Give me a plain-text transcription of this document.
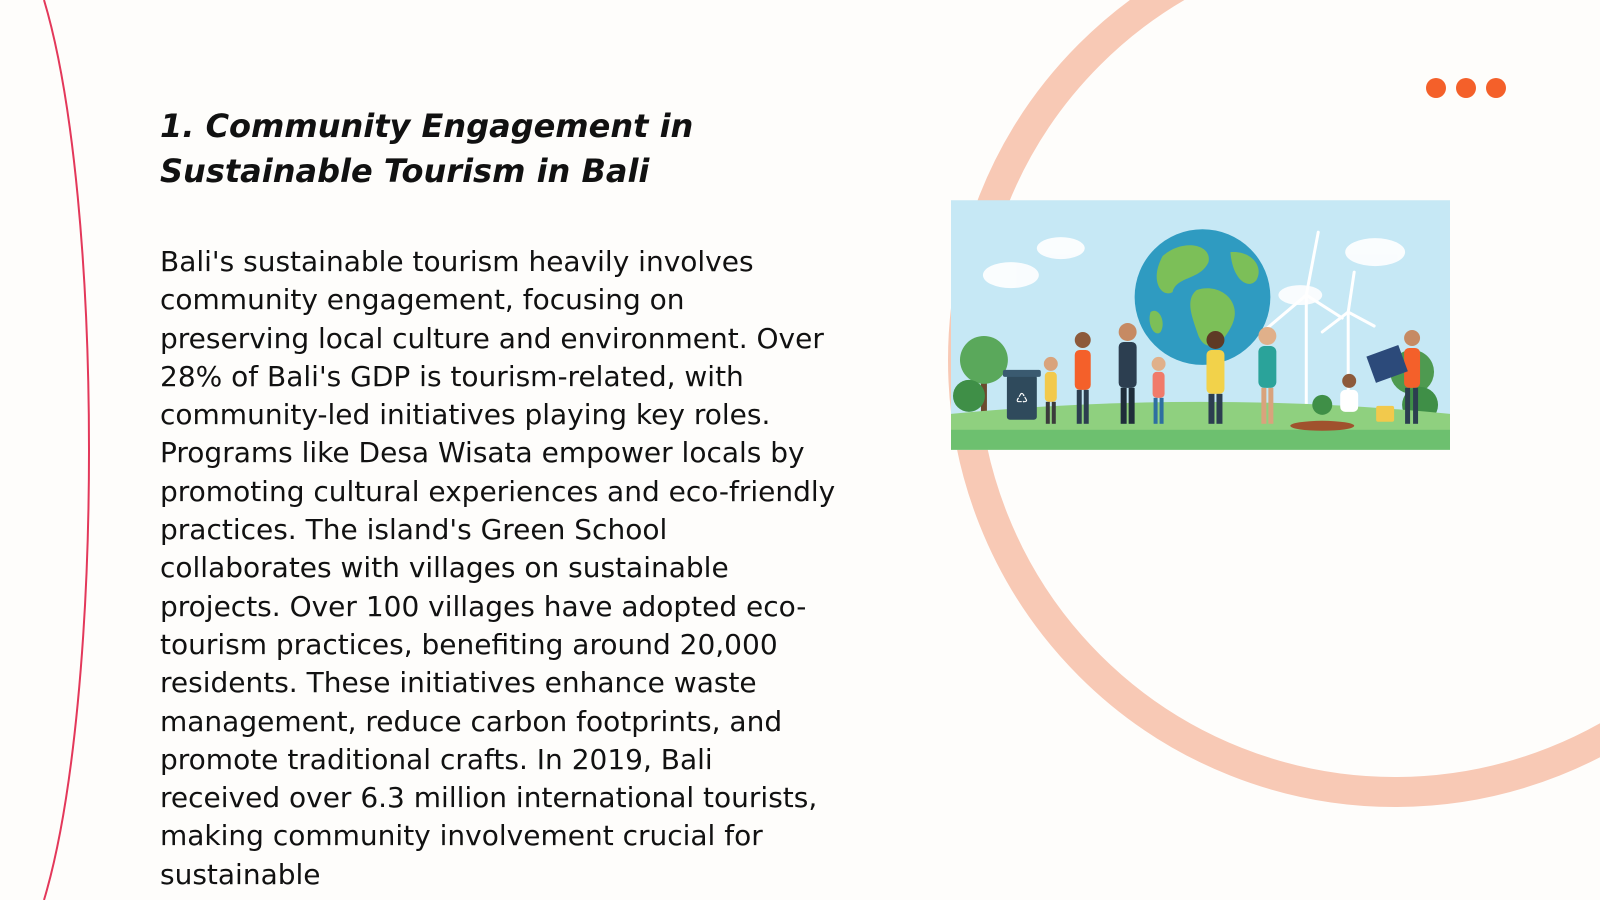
1. Community Engagement in Sustainable Tourism in Bali

Bali's sustainable tourism heavily involves community engagement, focusing on preserving local culture and environment. Over 28% of Bali's GDP is tourism-related, with community-led initiatives playing key roles. Programs like Desa Wisata empower locals by promoting cultural experiences and eco-friendly practices. The island's Green School collaborates with villages on sustainable projects. Over 100 villages have adopted eco-tourism practices, benefiting around 20,000 residents. These initiatives enhance waste management, reduce carbon footprints, and promote traditional crafts. In 2019, Bali received over 6.3 million international tourists, making community involvement crucial for sustainable

♺
